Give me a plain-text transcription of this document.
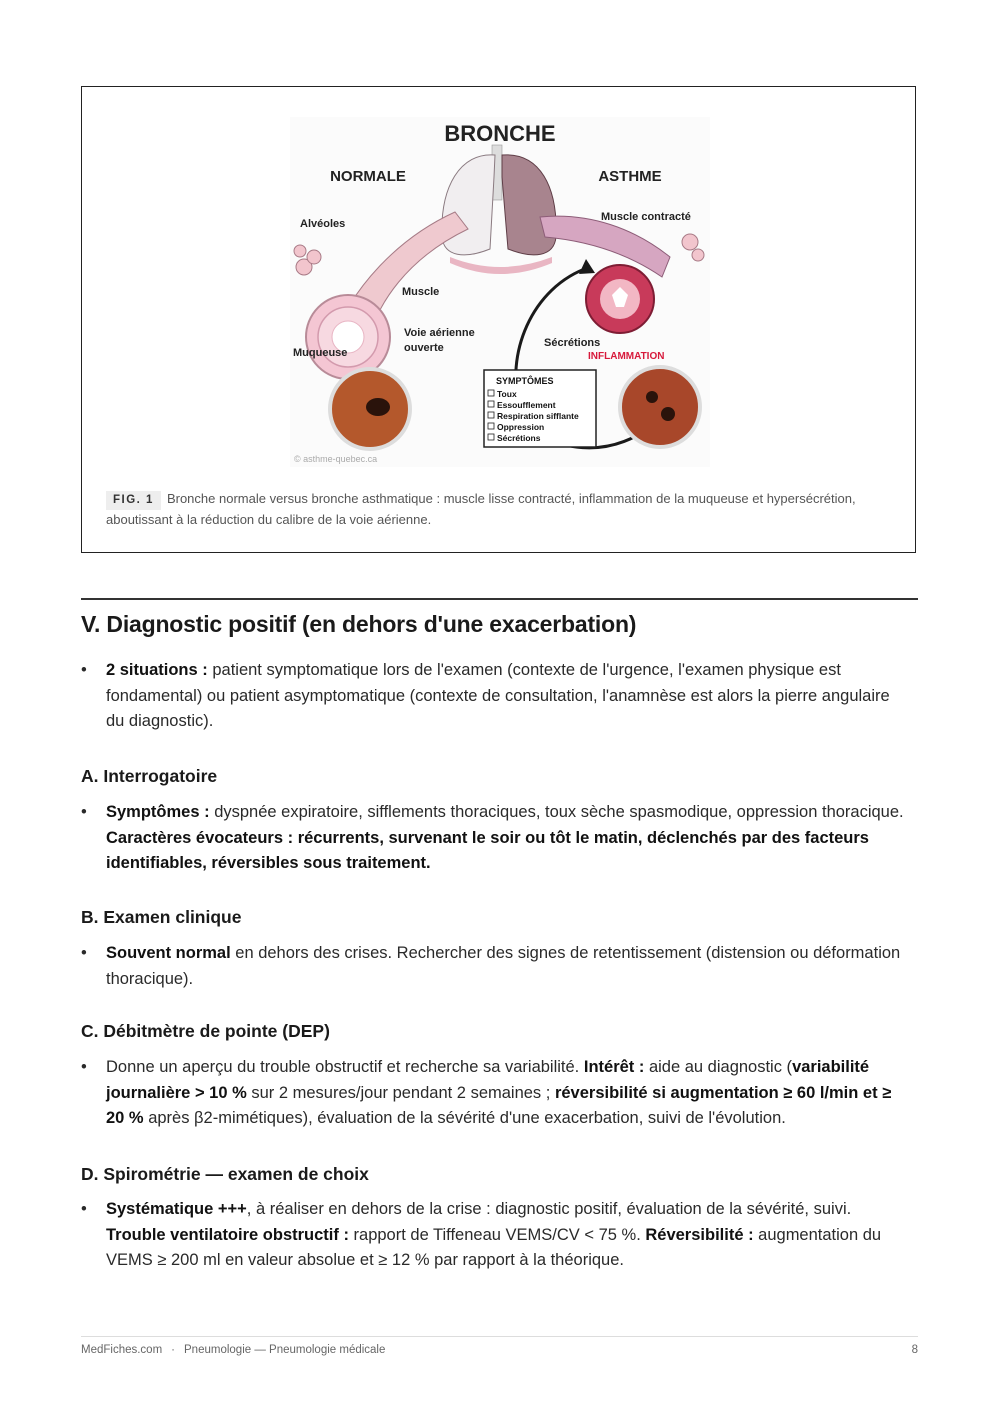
SYMPTÔMES
Toux
Essoufflement
Respiration sifflante
Oppression
Sécrétions
BRONCHE
NORMALE	ASTHME
Alvéoles
Muscle
Voie aérienne
ouverte
Muqueuse
Muscle contracté
Sécrétions
INFLAMMATION
© asthme-quebec.ca
FIG. 1 Bronche normale versus bronche asthmatique : muscle lisse contracté, inflammation de la muqueuse et hypersécrétion, aboutissant à la réduction du calibre de la voie aérienne.
V. Diagnostic positif (en dehors d'une exacerbation)
•	2 situations : patient symptomatique lors de l'examen (contexte de l'urgence, l'examen physique est fondamental) ou patient asymptomatique (contexte de consultation, l'anamnèse est alors la pierre angulaire du diagnostic).
A. Interrogatoire
•	Symptômes : dyspnée expiratoire, sifflements thoraciques, toux sèche spasmodique, oppression thoracique. Caractères évocateurs : récurrents, survenant le soir ou tôt le matin, déclenchés par des facteurs identifiables, réversibles sous traitement.
B. Examen clinique
•	Souvent normal en dehors des crises. Rechercher des signes de retentissement (distension ou déformation thoracique).
C. Débitmètre de pointe (DEP)
•	Donne un aperçu du trouble obstructif et recherche sa variabilité. Intérêt : aide au diagnostic (variabilité journalière > 10 % sur 2 mesures/jour pendant 2 semaines ; réversibilité si augmentation ≥ 60 l/min et ≥ 20 % après β2-mimétiques), évaluation de la sévérité d'une exacerbation, suivi de l'évolution.
D. Spirométrie — examen de choix
•	Systématique +++, à réaliser en dehors de la crise : diagnostic positif, évaluation de la sévérité, suivi. Trouble ventilatoire obstructif : rapport de Tiffeneau VEMS/CV < 75 %. Réversibilité : augmentation du VEMS ≥ 200 ml en valeur absolue et ≥ 12 % par rapport à la théorique.
MedFiches.com · Pneumologie — Pneumologie médicale	8
